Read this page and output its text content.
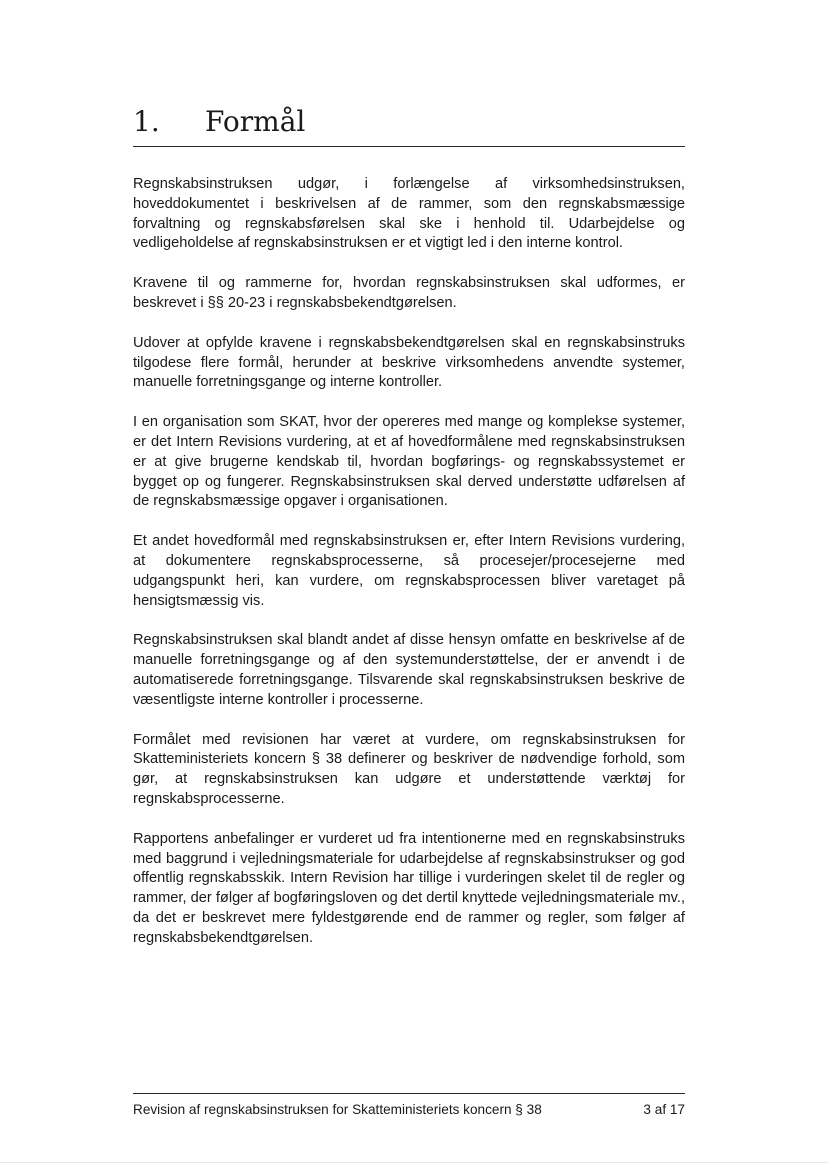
1. Formål

Regnskabsinstruksen udgør, i forlængelse af virksomhedsinstruksen, hoveddokumentet i beskrivelsen af de rammer, som den regnskabsmæssige forvaltning og regnskabsførelsen skal ske i henhold til. Udarbejdelse og vedligeholdelse af regnskabsinstruksen er et vigtigt led i den interne kontrol.

Kravene til og rammerne for, hvordan regnskabsinstruksen skal udformes, er beskrevet i §§ 20-23 i regnskabsbekendtgørelsen.

Udover at opfylde kravene i regnskabsbekendtgørelsen skal en regnskabsinstruks tilgodese flere formål, herunder at beskrive virksomhedens anvendte systemer, manuelle forretningsgange og interne kontroller.

I en organisation som SKAT, hvor der opereres med mange og komplekse systemer, er det Intern Revisions vurdering, at et af hovedformålene med regnskabsinstruksen er at give brugerne kendskab til, hvordan bogførings- og regnskabssystemet er bygget op og fungerer. Regnskabsinstruksen skal derved understøtte udførelsen af de regnskabsmæssige opgaver i organisationen.

Et andet hovedformål med regnskabsinstruksen er, efter Intern Revisions vurdering, at dokumentere regnskabsprocesserne, så procesejer/procesejerne med udgangspunkt heri, kan vurdere, om regnskabsprocessen bliver varetaget på hensigtsmæssig vis.

Regnskabsinstruksen skal blandt andet af disse hensyn omfatte en beskrivelse af de manuelle forretningsgange og af den systemunderstøttelse, der er anvendt i de automatiserede forretningsgange. Tilsvarende skal regnskabsinstruksen beskrive de væsentligste interne kontroller i processerne.

Formålet med revisionen har været at vurdere, om regnskabsinstruksen for Skatteministeriets koncern § 38 definerer og beskriver de nødvendige forhold, som gør, at regnskabsinstruksen kan udgøre et understøttende værktøj for regnskabsprocesserne.

Rapportens anbefalinger er vurderet ud fra intentionerne med en regnskabsinstruks med baggrund i vejledningsmateriale for udarbejdelse af regnskabsinstrukser og god offentlig regnskabsskik. Intern Revision har tillige i vurderingen skelet til de regler og rammer, der følger af bogføringsloven og det dertil knyttede vejledningsmateriale mv., da det er beskrevet mere fyldestgørende end de rammer og regler, som følger af regnskabsbekendtgørelsen.

Revision af regnskabsinstruksen for Skatteministeriets koncern § 38	3 af 17
